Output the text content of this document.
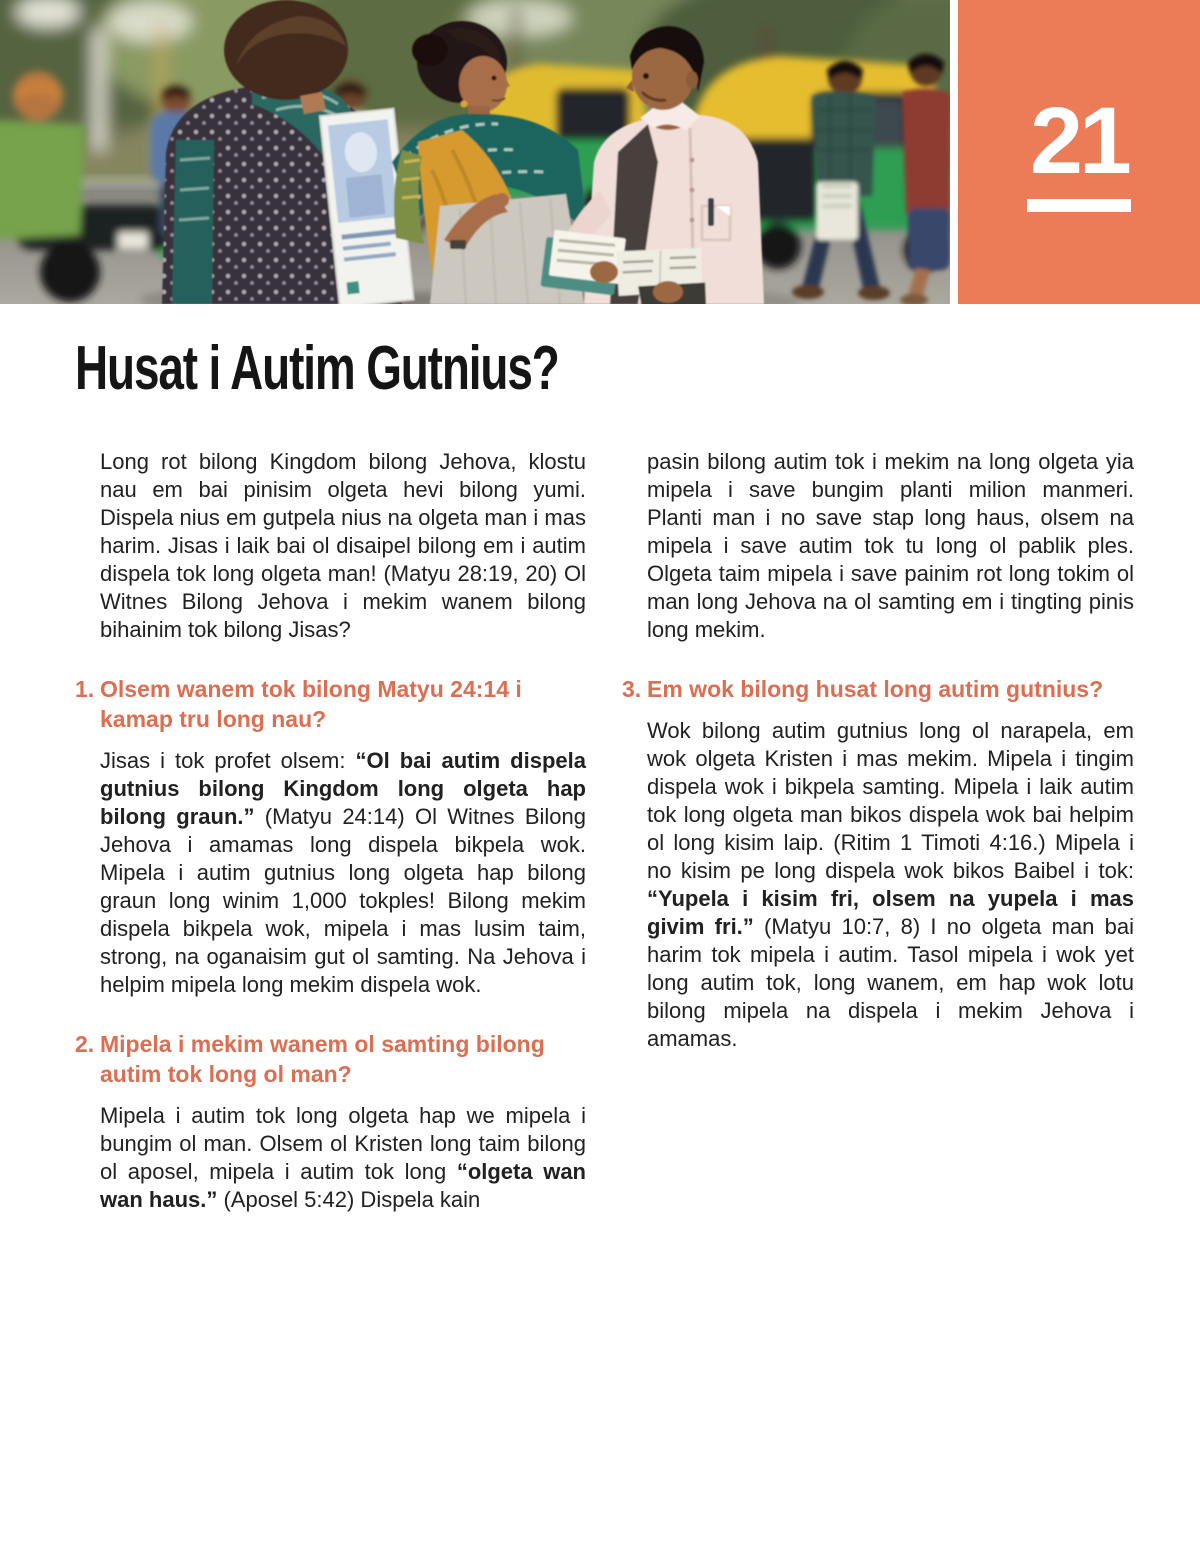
21
Husat i Autim Gutnius?

Long rot bilong Kingdom bilong Jehova, klostu nau em bai pinisim olgeta hevi bilong yumi. Dispela nius em gutpela nius na olgeta man i mas harim. Jisas i laik bai ol disaipel bilong em i autim dispela tok long olgeta man! (Matyu 28:19, 20) Ol Witnes Bilong Jehova i mekim wanem bilong bihainim tok bilong Jisas?

1. Olsem wanem tok bilong Matyu 24:14 i kamap tru long nau?

Jisas i tok profet olsem: “Ol bai autim dispela gutnius bilong Kingdom long olgeta hap bilong graun.” (Matyu 24:14) Ol Witnes Bilong Jehova i amamas long dispela bikpela wok. Mipela i autim gutnius long olgeta hap bilong graun long winim 1,000 tokples! Bilong mekim dispela bikpela wok, mipela i mas lusim taim, strong, na oganaisim gut ol samting. Na Jehova i helpim mipela long mekim dispela wok.

2. Mipela i mekim wanem ol samting bilong autim tok long ol man?

Mipela i autim tok long olgeta hap we mipela i bungim ol man. Olsem ol Kristen long taim bilong ol aposel, mipela i autim tok long “olgeta wan wan haus.” (Aposel 5:42) Dispela kain

pasin bilong autim tok i mekim na long olgeta yia mipela i save bungim planti milion manmeri. Planti man i no save stap long haus, olsem na mipela i save autim tok tu long ol pablik ples. Olgeta taim mipela i save painim rot long tokim ol man long Jehova na ol samting em i tingting pinis long mekim.

3. Em wok bilong husat long autim gutnius?

Wok bilong autim gutnius long ol narapela, em wok olgeta Kristen i mas mekim. Mipela i tingim dispela wok i bikpela samting. Mipela i laik autim tok long olgeta man bikos dispela wok bai helpim ol long kisim laip. (Ritim 1 Timoti 4:16.) Mipela i no kisim pe long dispela wok bikos Baibel i tok: “Yupela i kisim fri, olsem na yupela i mas givim fri.” (Matyu 10:7, 8) I no olgeta man bai harim tok mipela i autim. Tasol mipela i wok yet long autim tok, long wanem, em hap wok lotu bilong mipela na dispela i mekim Jehova i amamas.
